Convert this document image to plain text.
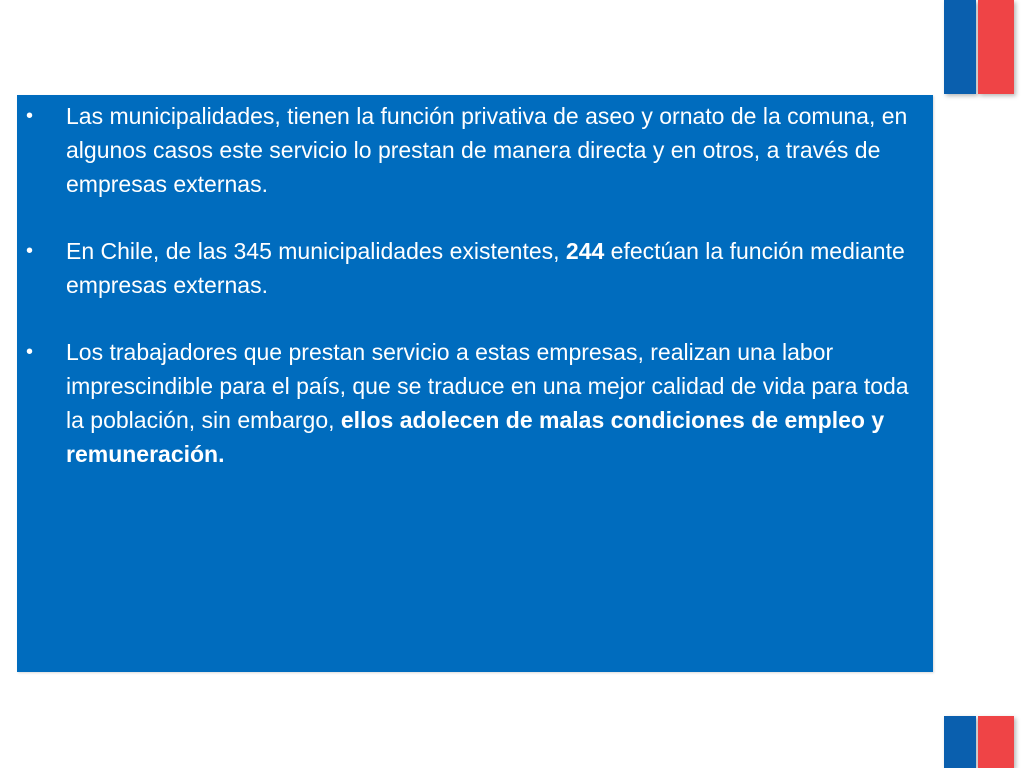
• Las municipalidades, tienen la función privativa de aseo y ornato de la comuna, en algunos casos este servicio lo prestan de manera directa y en otros, a través de empresas externas.
• En Chile, de las 345 municipalidades existentes, 244 efectúan la función mediante empresas externas.
• Los trabajadores que prestan servicio a estas empresas, realizan una labor imprescindible para el país, que se traduce en una mejor calidad de vida para toda la población, sin embargo, ellos adolecen de malas condiciones de empleo y remuneración.
